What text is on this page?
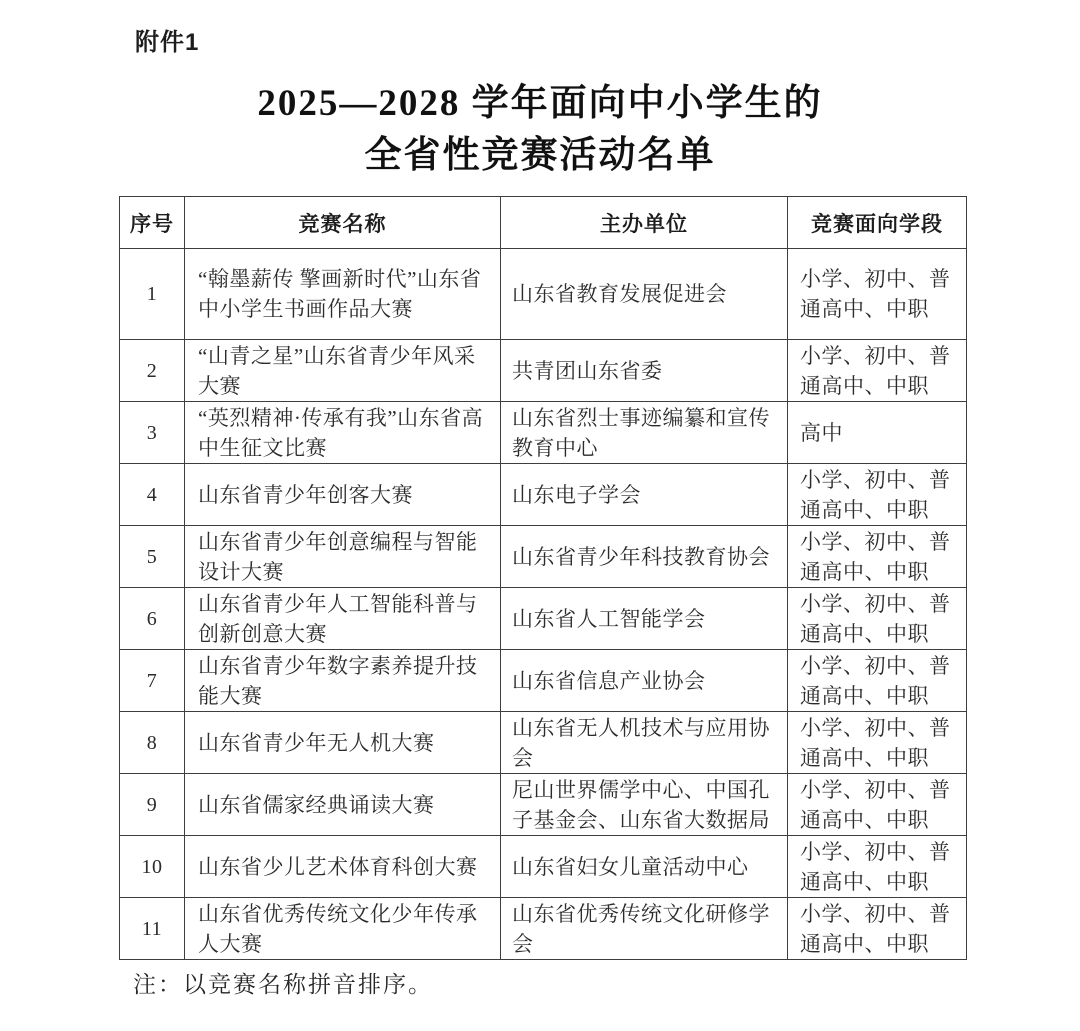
附件1
2025—2028 学年面向中小学生的
全省性竞赛活动名单
序号	竞赛名称	主办单位	竞赛面向学段
1	“翰墨薪传 擎画新时代”山东省中小学生书画作品大赛	山东省教育发展促进会	小学、初中、普通高中、中职
2	“山青之星”山东省青少年风采大赛	共青团山东省委	小学、初中、普通高中、中职
3	“英烈精神·传承有我”山东省高中生征文比赛	山东省烈士事迹编纂和宣传教育中心	高中
4	山东省青少年创客大赛	山东电子学会	小学、初中、普通高中、中职
5	山东省青少年创意编程与智能设计大赛	山东省青少年科技教育协会	小学、初中、普通高中、中职
6	山东省青少年人工智能科普与创新创意大赛	山东省人工智能学会	小学、初中、普通高中、中职
7	山东省青少年数字素养提升技能大赛	山东省信息产业协会	小学、初中、普通高中、中职
8	山东省青少年无人机大赛	山东省无人机技术与应用协会	小学、初中、普通高中、中职
9	山东省儒家经典诵读大赛	尼山世界儒学中心、中国孔子基金会、山东省大数据局	小学、初中、普通高中、中职
10	山东省少儿艺术体育科创大赛	山东省妇女儿童活动中心	小学、初中、普通高中、中职
11	山东省优秀传统文化少年传承人大赛	山东省优秀传统文化研修学会	小学、初中、普通高中、中职
注：以竞赛名称拼音排序。
